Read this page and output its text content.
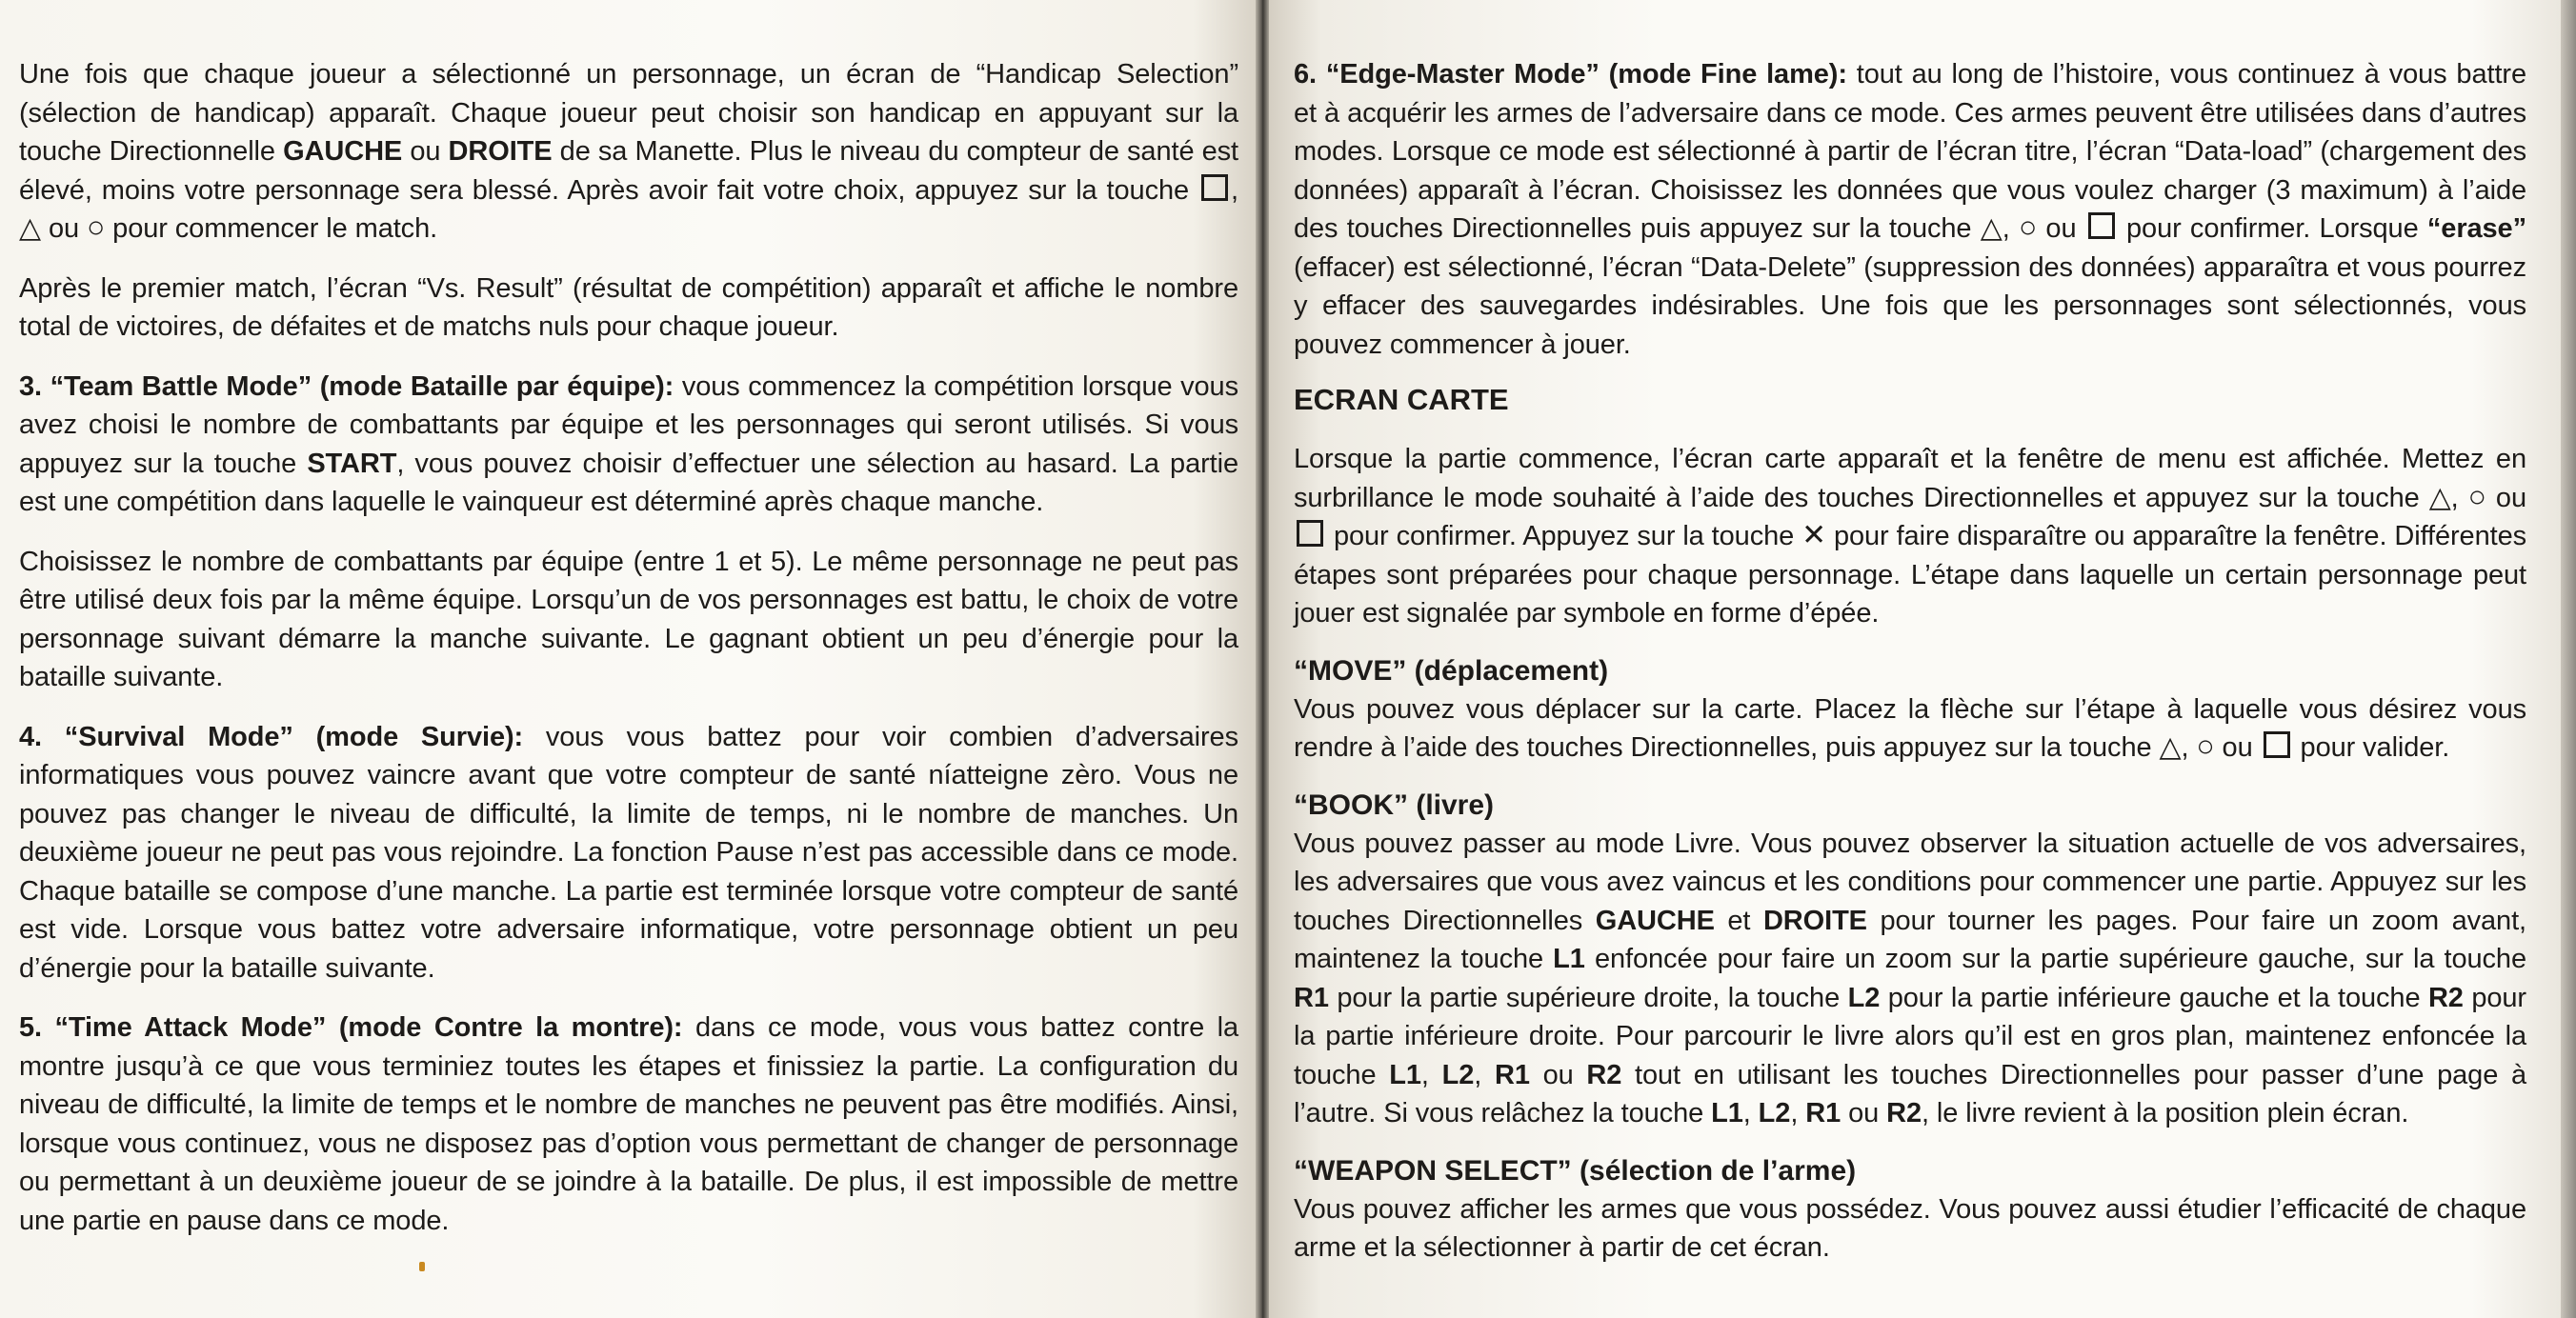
Une fois que chaque joueur a sélectionné un personnage, un écran de “Handicap Selection” (sélection de handicap) apparaît. Chaque joueur peut choisir son handicap en appuyant sur la touche Directionnelle GAUCHE ou DROITE de sa Manette. Plus le niveau du compteur de santé est élevé, moins votre personnage sera blessé. Après avoir fait votre choix, appuyez sur la touche , △ ou ○ pour commencer le match.

Après le premier match, l’écran “Vs. Result” (résultat de compétition) apparaît et affiche le nombre total de victoires, de défaites et de matchs nuls pour chaque joueur.

3. “Team Battle Mode” (mode Bataille par équipe): vous commencez la compétition lorsque vous avez choisi le nombre de combattants par équipe et les personnages qui seront utilisés. Si vous appuyez sur la touche START, vous pouvez choisir d’effectuer une sélection au hasard. La partie est une compétition dans laquelle le vainqueur est déterminé après chaque manche.

Choisissez le nombre de combattants par équipe (entre 1 et 5). Le même personnage ne peut pas être utilisé deux fois par la même équipe. Lorsqu’un de vos personnages est battu, le choix de votre personnage suivant démarre la manche suivante. Le gagnant obtient un peu d’énergie pour la bataille suivante.

4. “Survival Mode” (mode Survie): vous vous battez pour voir combien d’adversaires informatiques vous pouvez vaincre avant que votre compteur de santé níatteigne zèro. Vous ne pouvez pas changer le niveau de difficulté, la limite de temps, ni le nombre de manches. Un deuxième joueur ne peut pas vous rejoindre. La fonction Pause n’est pas accessible dans ce mode. Chaque bataille se compose d’une manche. La partie est terminée lorsque votre compteur de santé est vide. Lorsque vous battez votre adversaire informatique, votre personnage obtient un peu d’énergie pour la bataille suivante.

5. “Time Attack Mode” (mode Contre la montre): dans ce mode, vous vous battez contre la montre jusqu’à ce que vous terminiez toutes les étapes et finissiez la partie. La configuration du niveau de difficulté, la limite de temps et le nombre de manches ne peuvent pas être modifiés. Ainsi, lorsque vous continuez, vous ne disposez pas d’option vous permettant de changer de personnage ou permettant à un deuxième joueur de se joindre à la bataille. De plus, il est impossible de mettre une partie en pause dans ce mode.

6. “Edge-Master Mode” (mode Fine lame): tout au long de l’histoire, vous continuez à vous battre et à acquérir les armes de l’adversaire dans ce mode. Ces armes peuvent être utilisées dans d’autres modes. Lorsque ce mode est sélectionné à partir de l’écran titre, l’écran “Data-load” (chargement des données) apparaît à l’écran. Choisissez les données que vous voulez charger (3 maximum) à l’aide des touches Directionnelles puis appuyez sur la touche △, ○ ou  pour confirmer. Lorsque “erase” (effacer) est sélectionné, l’écran “Data-Delete” (suppression des données) apparaîtra et vous pourrez y effacer des sauvegardes indésirables. Une fois que les personnages sont sélectionnés, vous pouvez commencer à jouer.

ECRAN CARTE

Lorsque la partie commence, l’écran carte apparaît et la fenêtre de menu est affichée. Mettez en surbrillance le mode souhaité à l’aide des touches Directionnelles et appuyez sur la touche △, ○ ou  pour confirmer. Appuyez sur la touche ✕ pour faire disparaître ou apparaître la fenêtre. Différentes étapes sont préparées pour chaque personnage. L’étape dans laquelle un certain personnage peut jouer est signalée par symbole en forme d’épée.

“MOVE” (déplacement)

Vous pouvez vous déplacer sur la carte. Placez la flèche sur l’étape à laquelle vous désirez vous rendre à l’aide des touches Directionnelles, puis appuyez sur la touche △, ○ ou  pour valider.

“BOOK” (livre)

Vous pouvez passer au mode Livre. Vous pouvez observer la situation actuelle de vos adversaires, les adversaires que vous avez vaincus et les conditions pour commencer une partie. Appuyez sur les touches Directionnelles GAUCHE et DROITE pour tourner les pages. Pour faire un zoom avant, maintenez la touche L1 enfoncée pour faire un zoom sur la partie supérieure gauche, sur la touche R1 pour la partie supérieure droite, la touche L2 pour la partie inférieure gauche et la touche R2 pour la partie inférieure droite. Pour parcourir le livre alors qu’il est en gros plan, maintenez enfoncée la touche L1, L2, R1 ou R2 tout en utilisant les touches Directionnelles pour passer d’une page à l’autre. Si vous relâchez la touche L1, L2, R1 ou R2, le livre revient à la position plein écran.

“WEAPON SELECT” (sélection de l’arme)

Vous pouvez afficher les armes que vous possédez. Vous pouvez aussi étudier l’efficacité de chaque arme et la sélectionner à partir de cet écran.
